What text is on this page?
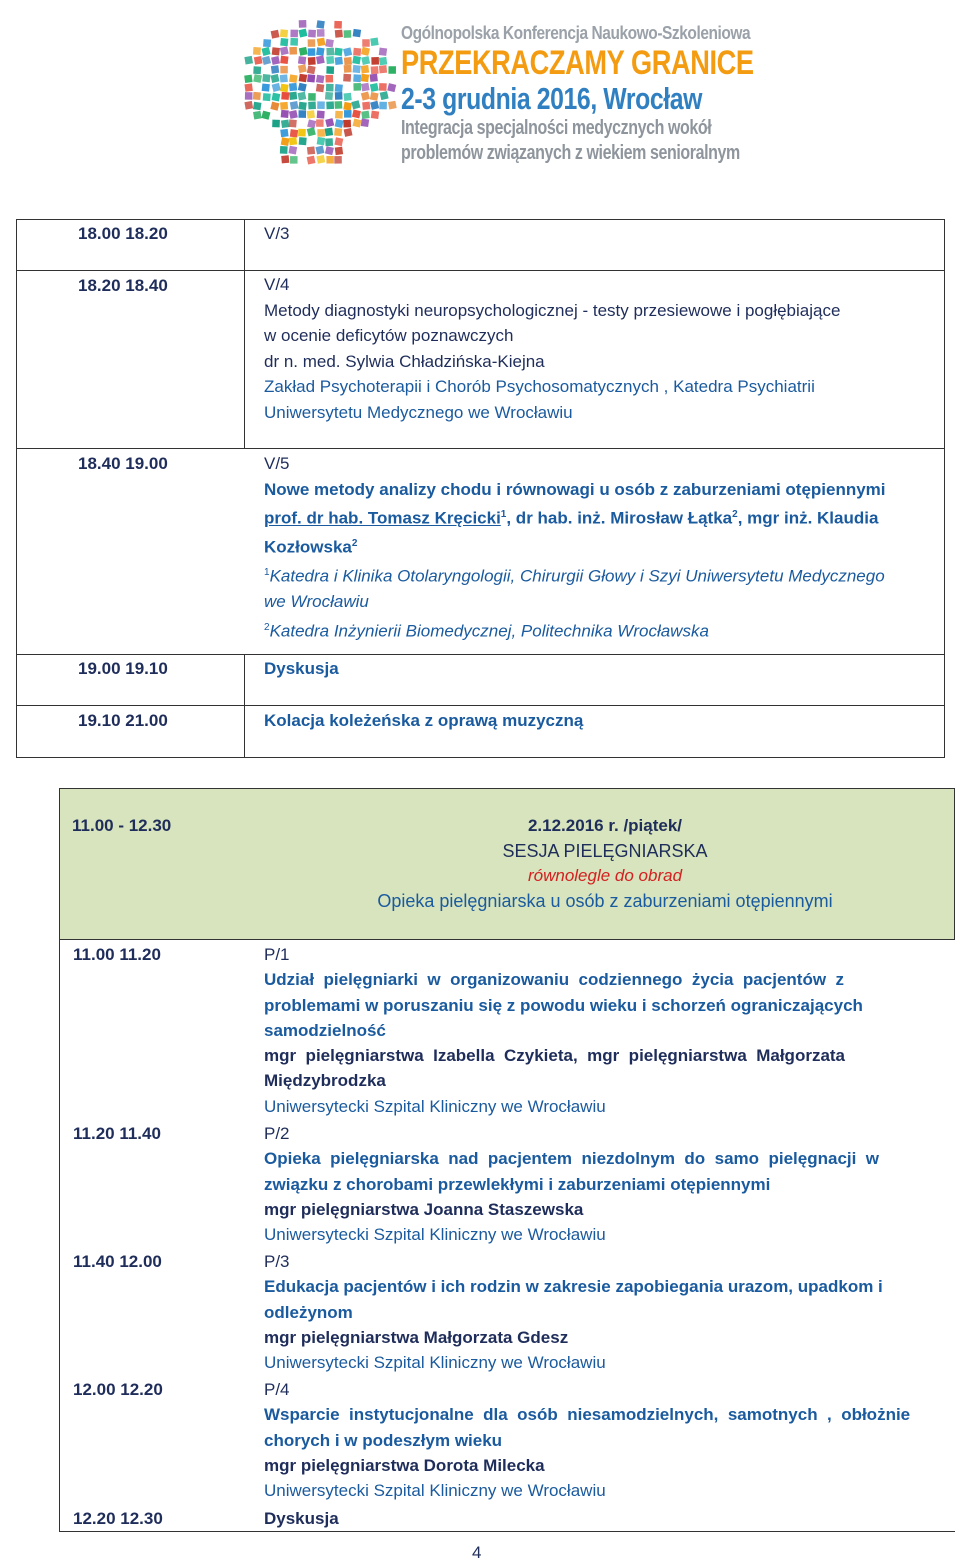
Ogólnopolska Konferencja Naukowo-Szkoleniowa
PRZEKRACZAMY GRANICE
2-3 grudnia 2016, Wrocław
Integracja specjalności medycznych wokół
problemów związanych z wiekiem senioralnym
18.00 18.20	V/3
18.20 18.40	V/4
Metody diagnostyki neuropsychologicznej - testy przesiewowe i pogłębiające
w ocenie deficytów poznawczych
dr n. med. Sylwia Chładzińska-Kiejna
Zakład Psychoterapii i Chorób Psychosomatycznych , Katedra Psychiatrii
Uniwersytetu Medycznego we Wrocławiu
18.40 19.00	V/5
Nowe metody analizy chodu i równowagi u osób z zaburzeniami otępiennymi
prof. dr hab. Tomasz Kręcicki$^1$, dr hab. inż. Mirosław Łątka$^2$, mgr inż. Klaudia
Kozłowska$^2$
$^1$Katedra i Klinika Otolaryngologii, Chirurgii Głowy i Szyi Uniwersytetu Medycznego
we Wrocławiu
$^2$Katedra Inżynierii Biomedycznej, Politechnika Wrocławska
19.00 19.10	Dyskusja
19.10 21.00	Kolacja koleżeńska z oprawą muzyczną
11.00 - 12.30	2.12.2016 r. /piątek/
SESJA PIELĘGNIARSKA
równolegle do obrad
Opieka pielęgniarska u osób z zaburzeniami otępiennymi
11.00 11.20	P/1
Udział  pielęgniarki  w  organizowaniu  codziennego  życia  pacjentów  z
problemami w poruszaniu się z powodu wieku i schorzeń ograniczających
samodzielność
mgr  pielęgniarstwa  Izabella  Czykieta,  mgr  pielęgniarstwa  Małgorzata
Międzybrodzka
Uniwersytecki Szpital Kliniczny we Wrocławiu
11.20 11.40	P/2
Opieka  pielęgniarska  nad  pacjentem  niezdolnym  do  samo  pielęgnacji  w
związku z chorobami przewlekłymi i zaburzeniami otępiennymi
mgr pielęgniarstwa Joanna Staszewska
Uniwersytecki Szpital Kliniczny we Wrocławiu
11.40 12.00	P/3
Edukacja pacjentów i ich rodzin w zakresie zapobiegania urazom, upadkom i
odleżynom
mgr pielęgniarstwa Małgorzata Gdesz
Uniwersytecki Szpital Kliniczny we Wrocławiu
12.00 12.20	P/4
Wsparcie  instytucjonalne  dla  osób  niesamodzielnych,  samotnych  ,  obłożnie
chorych i w podeszłym wieku
mgr pielęgniarstwa Dorota Milecka
Uniwersytecki Szpital Kliniczny we Wrocławiu
12.20 12.30	Dyskusja
4
